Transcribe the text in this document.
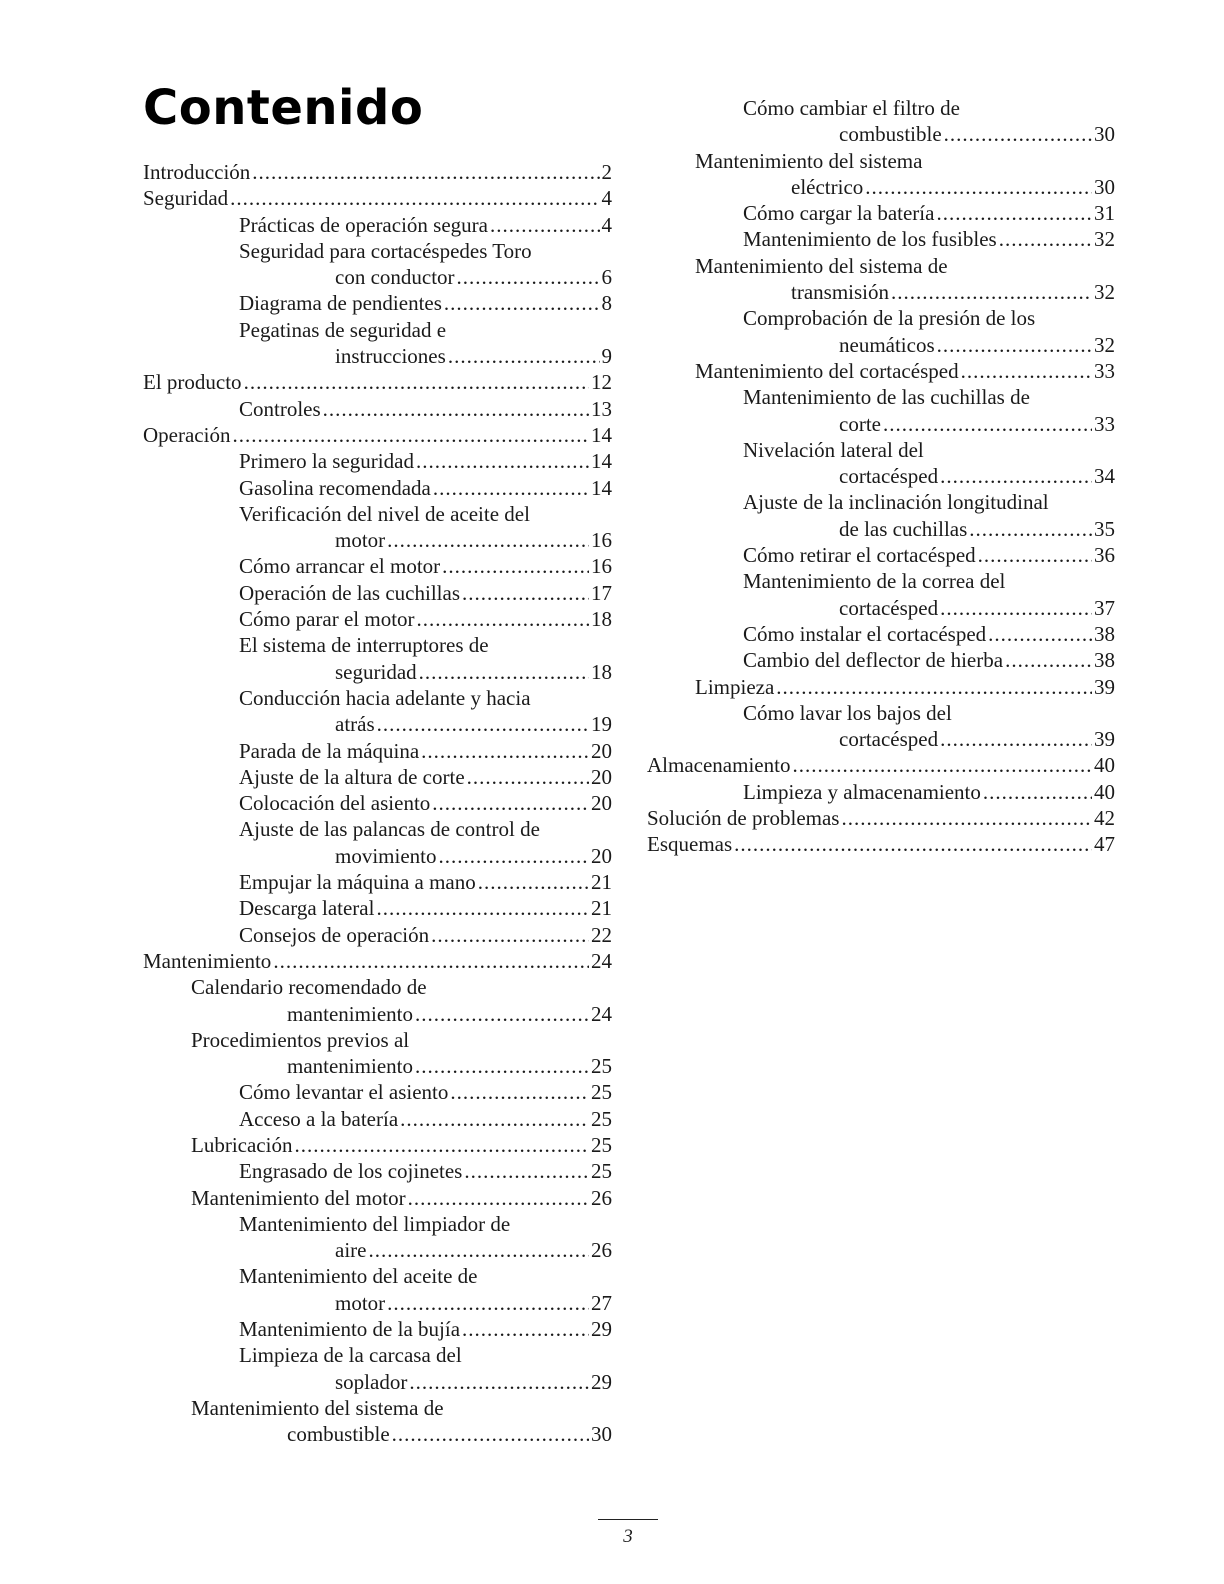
Contenido
Introducción .....	2
Seguridad .....	4
Prácticas de operación segura .....	4
Seguridad para cortacéspedes Toro
con conductor .....	6
Diagrama de pendientes .....	8
Pegatinas de seguridad e
instrucciones .....	9
El producto .....	12
Controles .....	13
Operación .....	14
Primero la seguridad .....	14
Gasolina recomendada .....	14
Verificación del nivel de aceite del
motor .....	16
Cómo arrancar el motor .....	16
Operación de las cuchillas .....	17
Cómo parar el motor .....	18
El sistema de interruptores de
seguridad .....	18
Conducción hacia adelante y hacia
atrás .....	19
Parada de la máquina .....	20
Ajuste de la altura de corte .....	20
Colocación del asiento .....	20
Ajuste de las palancas de control de
movimiento .....	20
Empujar la máquina a mano .....	21
Descarga lateral .....	21
Consejos de operación .....	22
Mantenimiento .....	24
Calendario recomendado de
mantenimiento .....	24
Procedimientos previos al
mantenimiento .....	25
Cómo levantar el asiento .....	25
Acceso a la batería .....	25
Lubricación .....	25
Engrasado de los cojinetes .....	25
Mantenimiento del motor .....	26
Mantenimiento del limpiador de
aire .....	26
Mantenimiento del aceite de
motor .....	27
Mantenimiento de la bujía .....	29
Limpieza de la carcasa del
soplador .....	29
Mantenimiento del sistema de
combustible .....	30
Cómo cambiar el filtro de
combustible .....	30
Mantenimiento del sistema
eléctrico .....	30
Cómo cargar la batería .....	31
Mantenimiento de los fusibles .....	32
Mantenimiento del sistema de
transmisión .....	32
Comprobación de la presión de los
neumáticos .....	32
Mantenimiento del cortacésped .....	33
Mantenimiento de las cuchillas de
corte .....	33
Nivelación lateral del
cortacésped .....	34
Ajuste de la inclinación longitudinal
de las cuchillas .....	35
Cómo retirar el cortacésped .....	36
Mantenimiento de la correa del
cortacésped .....	37
Cómo instalar el cortacésped .....	38
Cambio del deflector de hierba .....	38
Limpieza .....	39
Cómo lavar los bajos del
cortacésped .....	39
Almacenamiento .....	40
Limpieza y almacenamiento .....	40
Solución de problemas .....	42
Esquemas .....	47
3
